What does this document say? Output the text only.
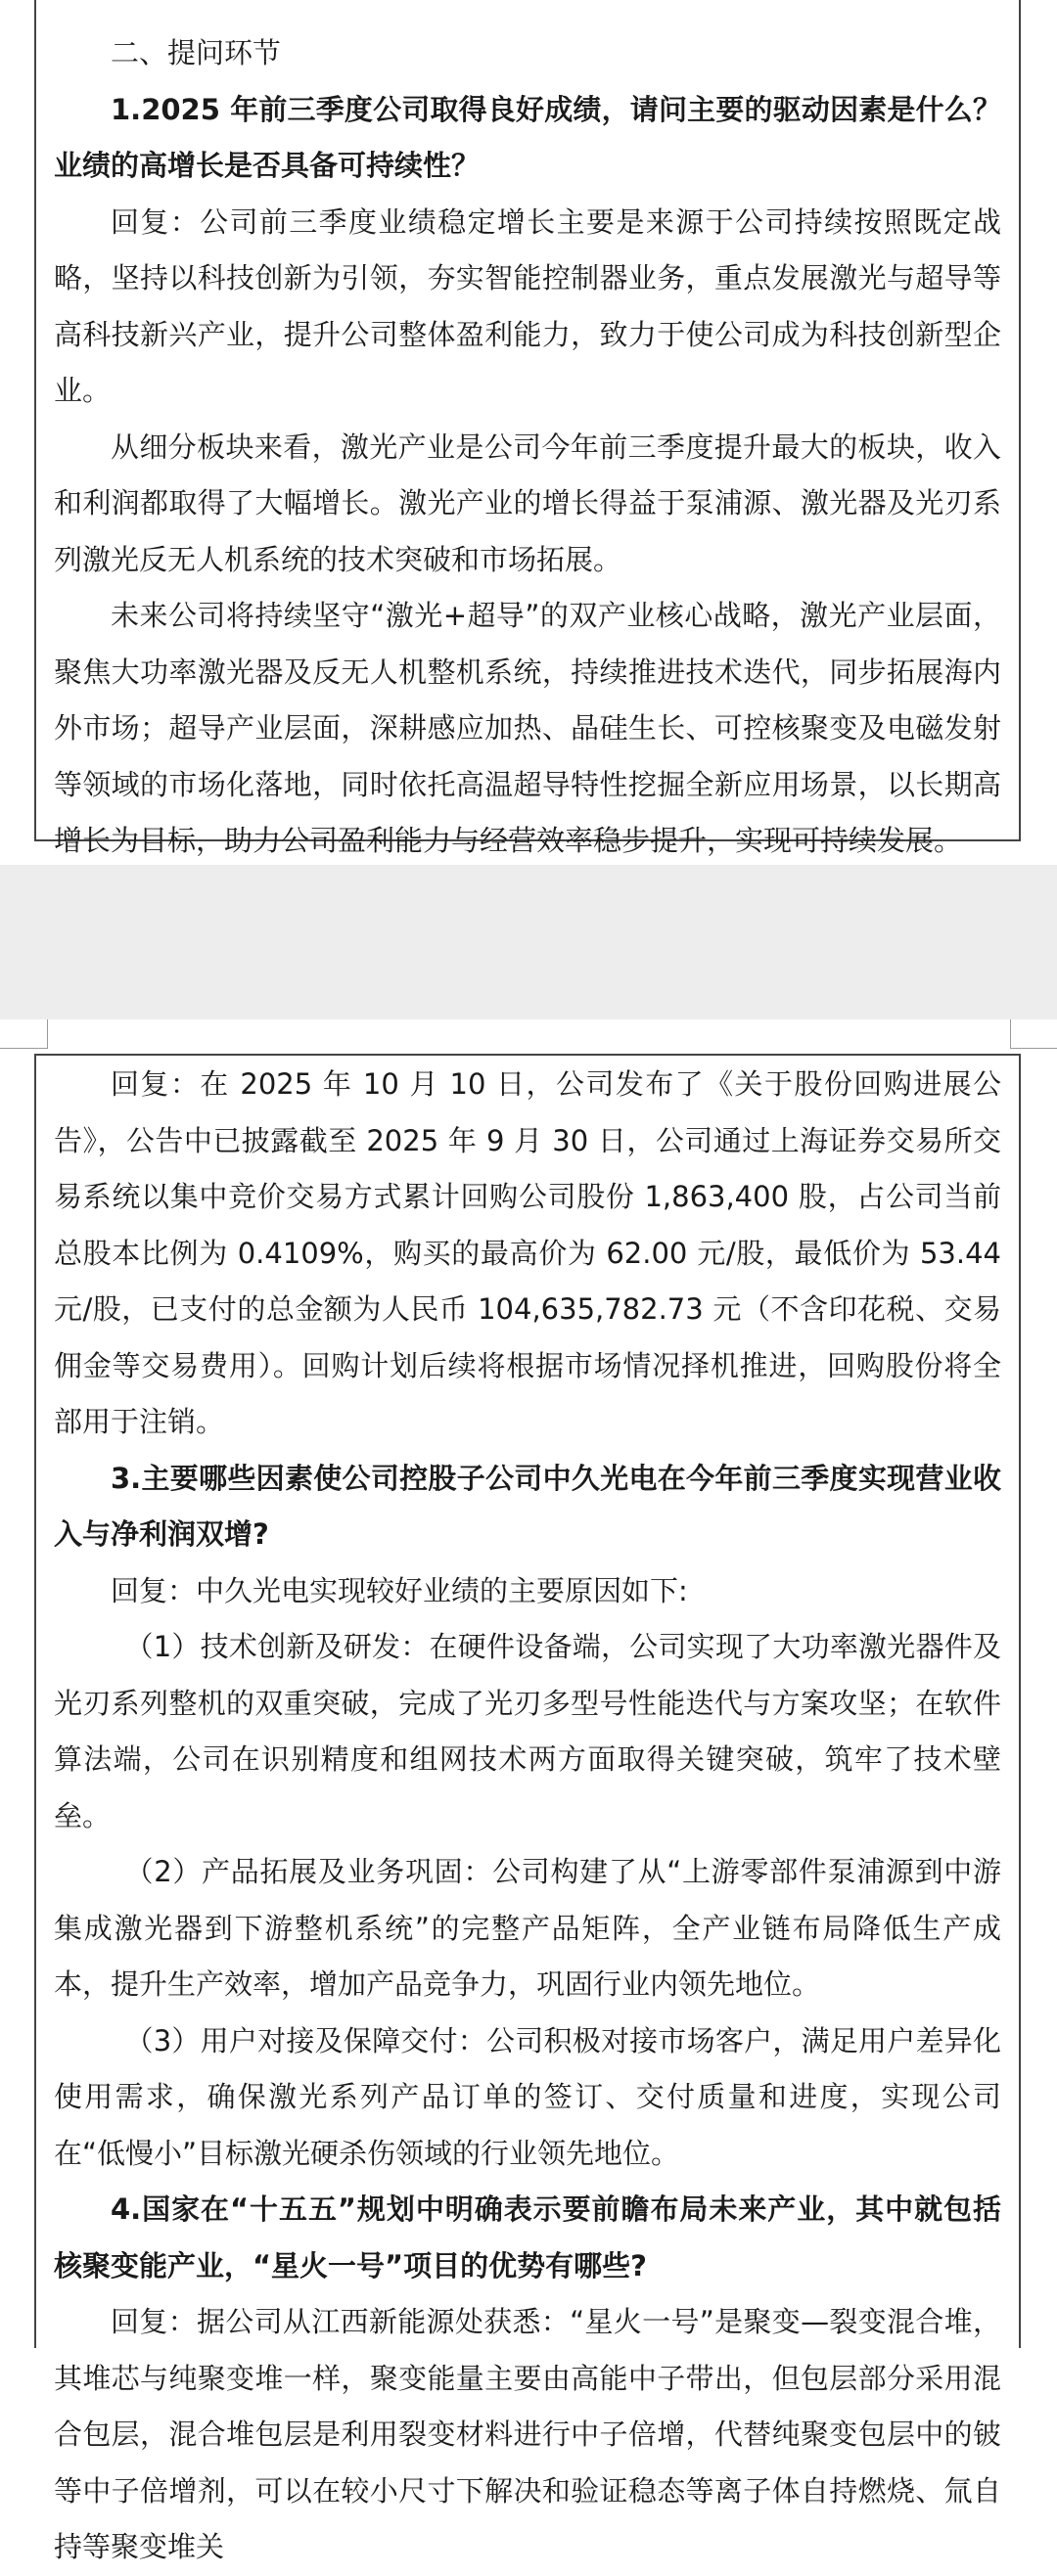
二、提问环节

1.2025 年前三季度公司取得良好成绩，请问主要的驱动因素是什么？业绩的高增长是否具备可持续性？

回复：公司前三季度业绩稳定增长主要是来源于公司持续按照既定战略，坚持以科技创新为引领，夯实智能控制器业务，重点发展激光与超导等高科技新兴产业，提升公司整体盈利能力，致力于使公司成为科技创新型企业。

从细分板块来看，激光产业是公司今年前三季度提升最大的板块，收入和利润都取得了大幅增长。激光产业的增长得益于泵浦源、激光器及光刃系列激光反无人机系统的技术突破和市场拓展。

未来公司将持续坚守“激光+超导”的双产业核心战略，激光产业层面，聚焦大功率激光器及反无人机整机系统，持续推进技术迭代，同步拓展海内外市场；超导产业层面，深耕感应加热、晶硅生长、可控核聚变及电磁发射等领域的市场化落地，同时依托高温超导特性挖掘全新应用场景，以长期高增长为目标，助力公司盈利能力与经营效率稳步提升，实现可持续发展。

回复：在 2025 年 10 月 10 日，公司发布了《关于股份回购进展公告》，公告中已披露截至 2025 年 9 月 30 日，公司通过上海证券交易所交易系统以集中竞价交易方式累计回购公司股份 1,863,400 股，占公司当前总股本比例为 0.4109%，购买的最高价为 62.00 元/股，最低价为 53.44 元/股，已支付的总金额为人民币 104,635,782.73 元（不含印花税、交易佣金等交易费用）。回购计划后续将根据市场情况择机推进，回购股份将全部用于注销。

3.主要哪些因素使公司控股子公司中久光电在今年前三季度实现营业收入与净利润双增?

回复：中久光电实现较好业绩的主要原因如下:

（1）技术创新及研发：在硬件设备端，公司实现了大功率激光器件及光刃系列整机的双重突破，完成了光刃多型号性能迭代与方案攻坚；在软件算法端，公司在识别精度和组网技术两方面取得关键突破，筑牢了技术壁垒。

（2）产品拓展及业务巩固：公司构建了从“上游零部件泵浦源到中游集成激光器到下游整机系统”的完整产品矩阵，全产业链布局降低生产成本，提升生产效率，增加产品竞争力，巩固行业内领先地位。

（3）用户对接及保障交付：公司积极对接市场客户，满足用户差异化使用需求，确保激光系列产品订单的签订、交付质量和进度，实现公司在“低慢小”目标激光硬杀伤领域的行业领先地位。

4.国家在“十五五”规划中明确表示要前瞻布局未来产业，其中就包括核聚变能产业，“星火一号”项目的优势有哪些?

回复：据公司从江西新能源处获悉：“星火一号”是聚变—裂变混合堆，其堆芯与纯聚变堆一样，聚变能量主要由高能中子带出，但包层部分采用混合包层，混合堆包层是利用裂变材料进行中子倍增，代替纯聚变包层中的铍等中子倍增剂，可以在较小尺寸下解决和验证稳态等离子体自持燃烧、氚自持等聚变堆关
